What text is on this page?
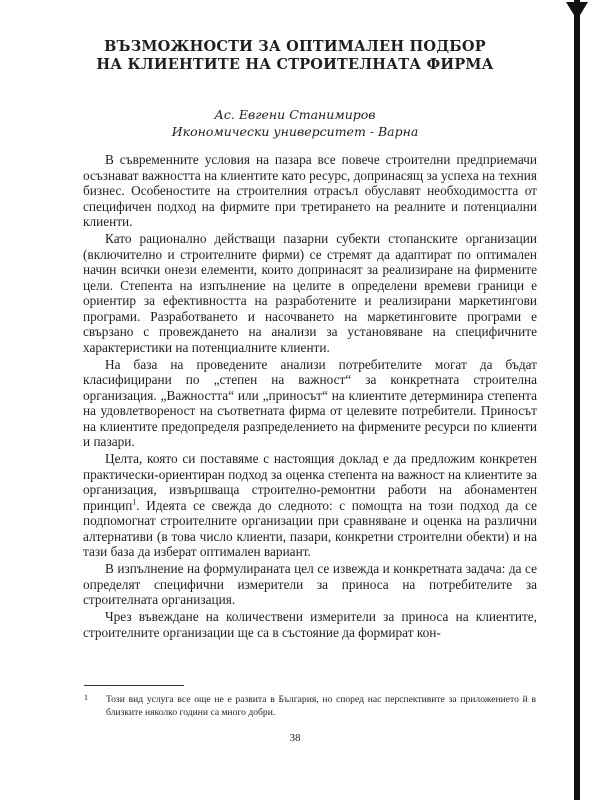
ВЪЗМОЖНОСТИ ЗА ОПТИМАЛЕН ПОДБОР
НА КЛИЕНТИТЕ НА СТРОИТЕЛНАТА ФИРМА
Ас. Евгени Станимиров
Икономически университет - Варна

В съвременните условия на пазара все повече строителни предприемачи осъзнават важността на клиентите като ресурс, допринасящ за успеха на техния бизнес. Особеностите на строителния отрасъл обуславят необходимостта от специфичен подход на фирмите при третирането на реалните и потенциални клиенти.

Като рационално действащи пазарни субекти стопанските организации (включително и строителните фирми) се стремят да адаптират по оптимален начин всички онези елементи, които допринасят за реализиране на фирмените цели. Степента на изпълнение на целите в определени времеви граници е ориентир за ефективността на разработените и реализирани маркетингови програми. Разработването и насочването на маркетинговите програми е свързано с провеждането на анализи за установяване на специфичните характеристики на потенциалните клиенти.

На база на проведените анализи потребителите могат да бъдат класифицирани по „степен на важност“ за конкретната строителна организация. „Важността“ или „приносът“ на клиентите детерминира степента на удовлетвореност на съответната фирма от целевите потребители. Приносът на клиентите предопределя разпределението на фирмените ресурси по клиенти и пазари.

Целта, която си поставяме с настоящия доклад е да предложим конкретен практически-ориентиран подход за оценка степента на важност на клиентите за организация, извършваща строително-ремонтни работи на абонаментен принцип$^1$. Идеята се свежда до следното: с помощта на този подход да се подпомогнат строителните организации при сравняване и оценка на различни алтернативи (в това число клиенти, пазари, конкретни строителни обекти) и на тази база да изберат оптимален вариант.

В изпълнение на формулираната цел се извежда и конкретната задача: да се определят специфични измерители за приноса на потребителите за строителната организация.

Чрез въвеждане на количествени измерители за приноса на клиентите, строителните организации ще са в състояние да формират кон-

1	Този вид услуга все още не е развита в България, но според нас перспективите за приложението й в близките няколко години са много добри.
38
